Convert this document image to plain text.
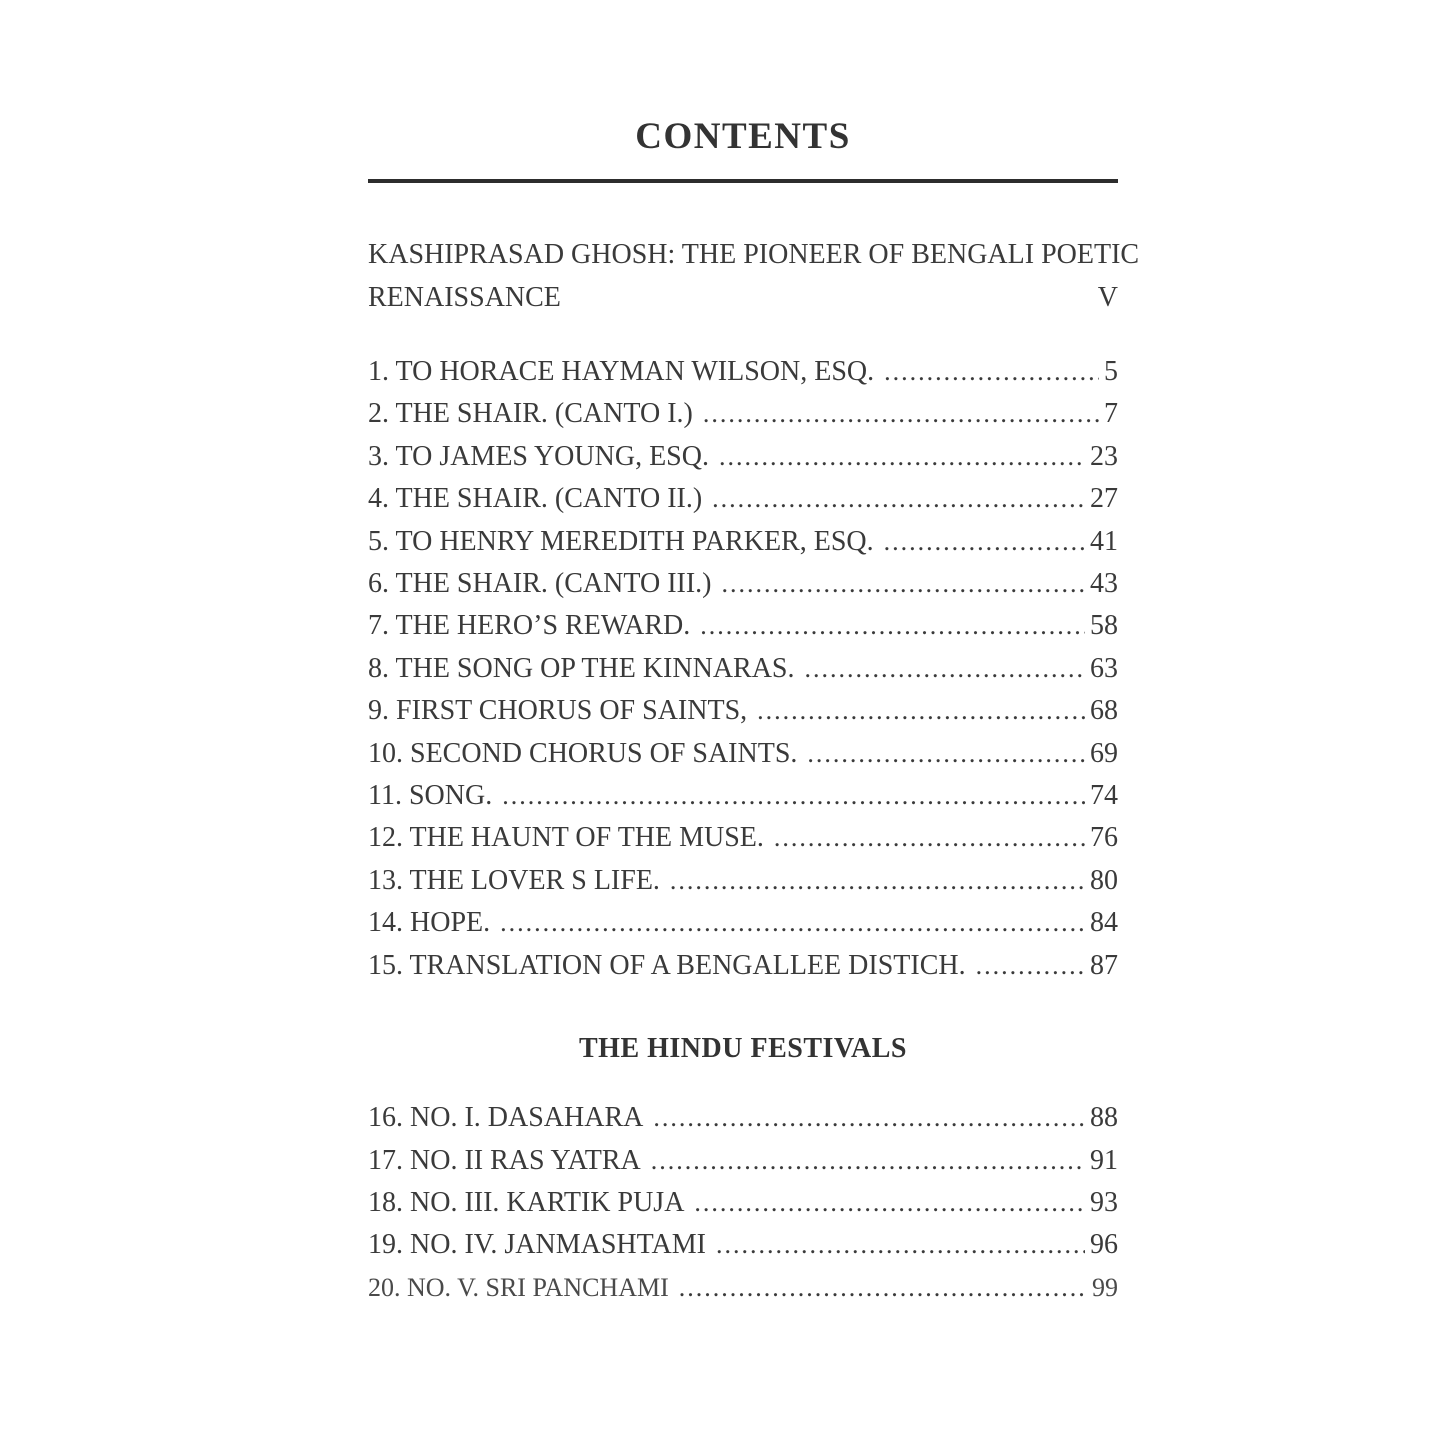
CONTENTS
KASHIPRASAD GHOSH: THE PIONEER OF BENGALI POETIC
RENAISSANCE	V
1. TO HORACE HAYMAN WILSON, ESQ. .....	5
2. THE SHAIR. (CANTO I.) .....	7
3. TO JAMES YOUNG, ESQ. .....	23
4. THE SHAIR. (CANTO II.) .....	27
5. TO HENRY MEREDITH PARKER, ESQ. .....	41
6. THE SHAIR. (CANTO III.) .....	43
7. THE HERO’S REWARD. .....	58
8. THE SONG OP THE KINNARAS. .....	63
9. FIRST CHORUS OF SAINTS, .....	68
10. SECOND CHORUS OF SAINTS. .....	69
11. SONG. .....	74
12. THE HAUNT OF THE MUSE. .....	76
13. THE LOVER S LIFE. .....	80
14. HOPE. .....	84
15. TRANSLATION OF A BENGALLEE DISTICH. .....	87
THE HINDU FESTIVALS
16. NO. I. DASAHARA .....	88
17. NO. II RAS YATRA .....	91
18. NO. III. KARTIK PUJA .....	93
19. NO. IV. JANMASHTAMI .....	96
20. NO. V. SRI PANCHAMI .....	99
